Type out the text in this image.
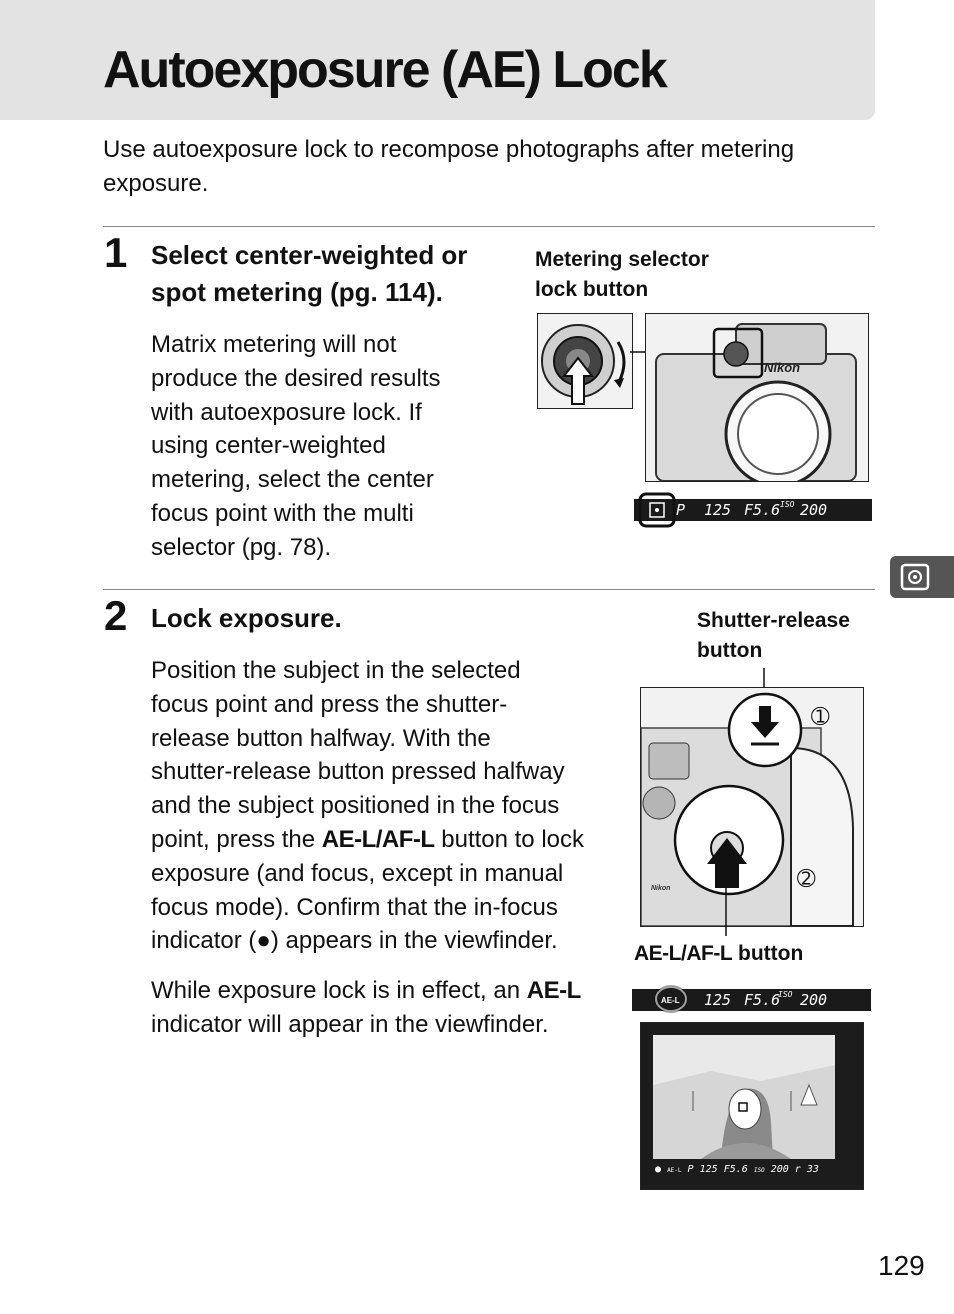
Autoexposure (AE) Lock

Use autoexposure lock to recompose photographs after metering exposure.

1 Select center-weighted or
spot metering (pg. 114).
Matrix metering will not
produce the desired results
with autoexposure lock. If
using center-weighted
metering, select the center
focus point with the multi
selector (pg. 78).

Metering selector
lock button

Nikon
P 125 F5.6 ISO 200
2 Lock exposure.
Position the subject in the selected
focus point and press the shutter-
release button halfway. With the
shutter-release button pressed halfway
and the subject positioned in the focus
point, press the AE-L/AF-L button to lock
exposure (and focus, except in manual
focus mode). Confirm that the in-focus
indicator (●) appears in the viewfinder.
While exposure lock is in effect, an AE-L
indicator will appear in the viewfinder.

Shutter-release
button

Nikon
➀
➁

AE-L/AF-L button

125 F5.6
ISO 200
AE-L
● AE-L P 125 F5.6 ISO 200 r 33
129
